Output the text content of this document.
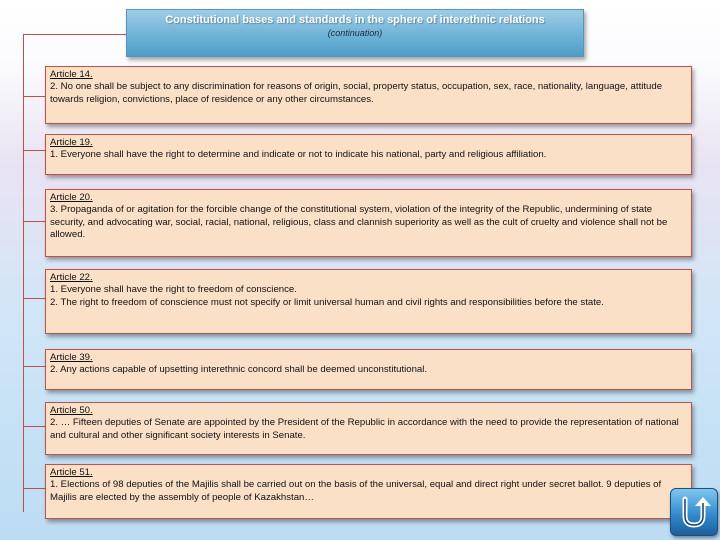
Constitutional bases and standards in the sphere of interethnic relations
(continuation)

Article 14.

2. No one shall be subject to any discrimination for reasons of origin, social, property status, occupation, sex, race, nationality, language, attitude towards religion, convictions, place of residence or any other circumstances.

Article 19.

1. Everyone shall have the right to determine and indicate or not to indicate his national, party and religious affiliation.

Article 20.

3. Propaganda of or agitation for the forcible change of the constitutional system, violation of the integrity of the Republic, undermining of state security, and advocating war, social, racial, national, religious, class and clannish superiority as well as the cult of cruelty and violence shall not be allowed.

Article 22.

1. Everyone shall have the right to freedom of conscience.

2. The right to freedom of conscience must not specify or limit universal human and civil rights and responsibilities before the state.

Article 39.

2. Any actions capable of upsetting interethnic concord shall be deemed unconstitutional.

Article 50.

2. … Fifteen deputies of Senate are appointed by the President of the Republic in accordance with the need to provide the representation of national and cultural and other significant society interests in Senate.

Article 51.

1. Elections of 98 deputies of the Majilis shall be carried out on the basis of the universal, equal and direct right under secret ballot. 9 deputies of Majilis are elected by the assembly of people of Kazakhstan…
